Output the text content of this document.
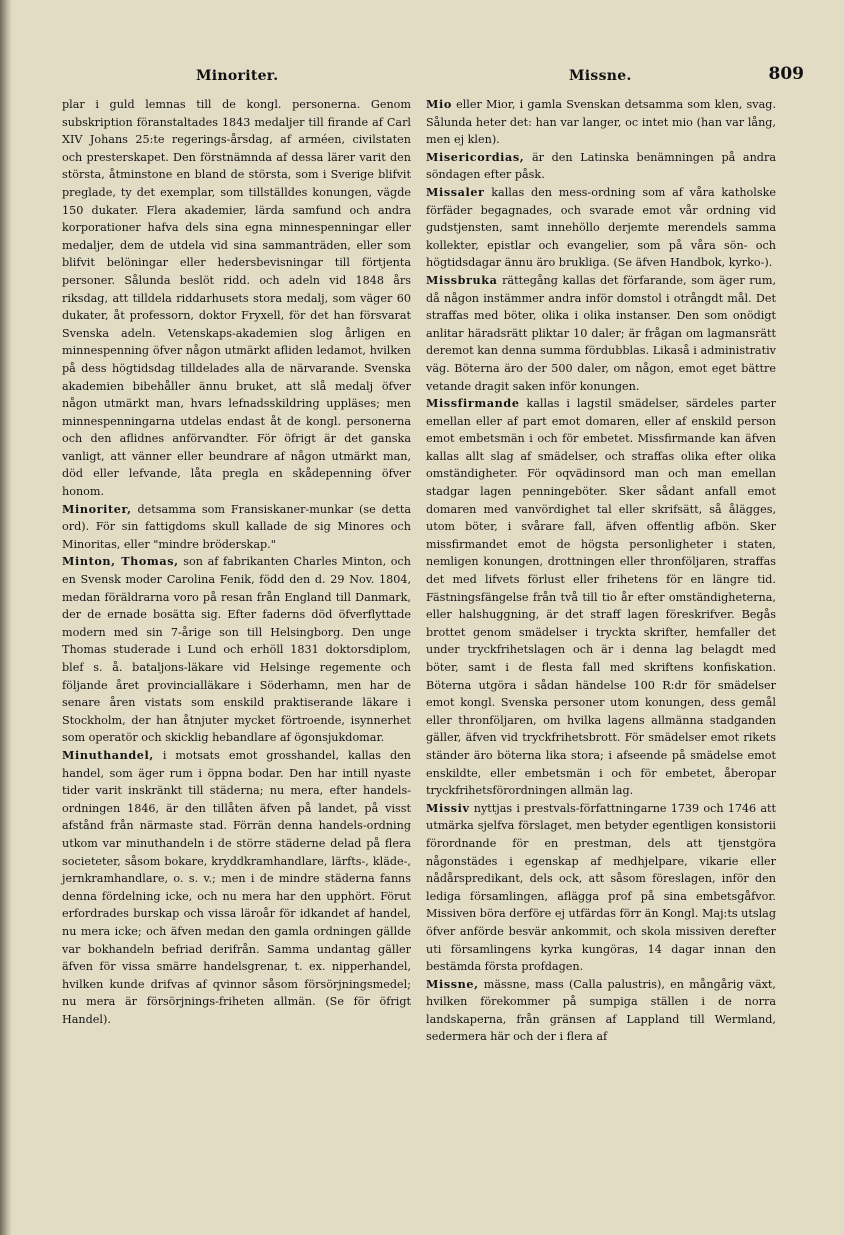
Minoriter.	Missne.	809

plar i guld lemnas till de kongl. personerna. Genom subskription föranstaltades 1843 medaljer till firande af Carl XIV Johans 25:te regerings-årsdag, af arméen, civilstaten och presterskapet. Den förstnämnda af dessa lärer varit den största, åtminstone en bland de största, som i Sverige blifvit preglade, ty det exemplar, som tillställdes konungen, vägde 150 dukater. Flera akademier, lärda samfund och andra korporationer hafva dels sina egna minnespenningar eller medaljer, dem de utdela vid sina sammanträden, eller som blifvit belöningar eller hedersbevisningar till förtjenta personer. Sålunda beslöt ridd. och adeln vid 1848 års riksdag, att tilldela riddarhusets stora medalj, som väger 60 dukater, åt professorn, doktor Fryxell, för det han försvarat Svenska adeln. Vetenskaps-akademien slog årligen en minnespenning öfver någon utmärkt afliden ledamot, hvilken på dess högtidsdag tilldelades alla de närvarande. Svenska akademien bibehåller ännu bruket, att slå medalj öfver någon utmärkt man, hvars lefnadsskildring uppläses; men minnespenningarna utdelas endast åt de kongl. personerna och den aflidnes anförvandter. För öfrigt är det ganska vanligt, att vänner eller beundrare af någon utmärkt man, död eller lefvande, låta pregla en skådepenning öfver honom.

Minoriter, detsamma som Fransiskaner-munkar (se detta ord). För sin fattigdoms skull kallade de sig Minores och Minoritas, eller "mindre bröderskap."

Minton, Thomas, son af fabrikanten Charles Minton, och en Svensk moder Carolina Fenik, född den d. 29 Nov. 1804, medan föräldrarna voro på resan från England till Danmark, der de ernade bosätta sig. Efter faderns död öfverflyttade modern med sin 7-årige son till Helsingborg. Den unge Thomas studerade i Lund och erhöll 1831 doktorsdiplom, blef s. å. bataljons-läkare vid Helsinge regemente och följande året provincialläkare i Söderhamn, men har de senare åren vistats som enskild praktiserande läkare i Stockholm, der han åtnjuter mycket förtroende, isynnerhet som operatör och skicklig hebandlare af ögonsjukdomar.

Minuthandel, i motsats emot grosshandel, kallas den handel, som äger rum i öppna bodar. Den har intill nyaste tider varit inskränkt till städerna; nu mera, efter handels-ordningen 1846, är den tillåten äfven på landet, på visst afstånd från närmaste stad. Förrän denna handels-ordning utkom var minuthandeln i de större städerne delad på flera societeter, såsom bokare, kryddkramhandlare, lärfts-, kläde-, jernkramhandlare, o. s. v.; men i de mindre städerna fanns denna fördelning icke, och nu mera har den upphört. Förut erfordrades burskap och vissa läroår för idkandet af handel, nu mera icke; och äfven medan den gamla ordningen gällde var bokhandeln befriad derifrån. Samma undantag gäller äfven för vissa smärre handelsgrenar, t. ex. nipperhandel, hvilken kunde drifvas af qvinnor såsom försörjningsmedel; nu mera är försörjnings-friheten allmän. (Se för öfrigt Handel).

Mio eller Mior, i gamla Svenskan detsamma som klen, svag. Sålunda heter det: han var langer, oc intet mio (han var lång, men ej klen).

Misericordias, är den Latinska benämningen på andra söndagen efter påsk.

Missaler kallas den mess-ordning som af våra katholske förfäder begagnades, och svarade emot vår ordning vid gudstjensten, samt innehöllo derjemte merendels samma kollekter, epistlar och evangelier, som på våra sön- och högtidsdagar ännu äro brukliga. (Se äfven Handbok, kyrko-).

Missbruka rättegång kallas det förfarande, som äger rum, då någon instämmer andra inför domstol i otrångdt mål. Det straffas med böter, olika i olika instanser. Den som onödigt anlitar häradsrätt pliktar 10 daler; är frågan om lagmansrätt deremot kan denna summa fördubblas. Likaså i administrativ väg. Böterna äro der 500 daler, om någon, emot eget bättre vetande dragit saken inför konungen.

Missfirmande kallas i lagstil smädelser, särdeles parter emellan eller af part emot domaren, eller af enskild person emot embetsmän i och för embetet. Missfirmande kan äfven kallas allt slag af smädelser, och straffas olika efter olika omständigheter. För oqvädinsord man och man emellan stadgar lagen penningeböter. Sker sådant anfall emot domaren med vanvördighet tal eller skrifsätt, så ålägges, utom böter, i svårare fall, äfven offentlig afbön. Sker missfirmandet emot de högsta personligheter i staten, nemligen konungen, drottningen eller thronföljaren, straffas det med lifvets förlust eller frihetens för en längre tid. Fästningsfängelse från två till tio år efter omständigheterna, eller halshuggning, är det straff lagen föreskrifver. Begås brottet genom smädelser i tryckta skrifter, hemfaller det under tryckfrihetslagen och är i denna lag belagdt med böter, samt i de flesta fall med skriftens konfiskation. Böterna utgöra i sådan händelse 100 R:dr för smädelser emot kongl. Svenska personer utom konungen, dess gemål eller thronföljaren, om hvilka lagens allmänna stadganden gäller, äfven vid tryckfrihetsbrott. För smädelser emot rikets ständer äro böterna lika stora; i afseende på smädelse emot enskildte, eller embetsmän i och för embetet, åberopar tryckfrihetsförordningen allmän lag.

Missiv nyttjas i prestvals-författningarne 1739 och 1746 att utmärka sjelfva förslaget, men betyder egentligen konsistorii förordnande för en prestman, dels att tjenstgöra någonstädes i egenskap af medhjelpare, vikarie eller nådårspredikant, dels ock, att såsom föreslagen, inför den lediga församlingen, aflägga prof på sina embetsgåfvor. Missiven böra derföre ej utfärdas förr än Kongl. Maj:ts utslag öfver anförde besvär ankommit, och skola missiven derefter uti församlingens kyrka kungöras, 14 dagar innan den bestämda första profdagen.

Missne, mässne, mass (Calla palustris), en mångårig växt, hvilken förekommer på sumpiga ställen i de norra landskaperna, från gränsen af Lappland till Wermland, sedermera här och der i flera af
